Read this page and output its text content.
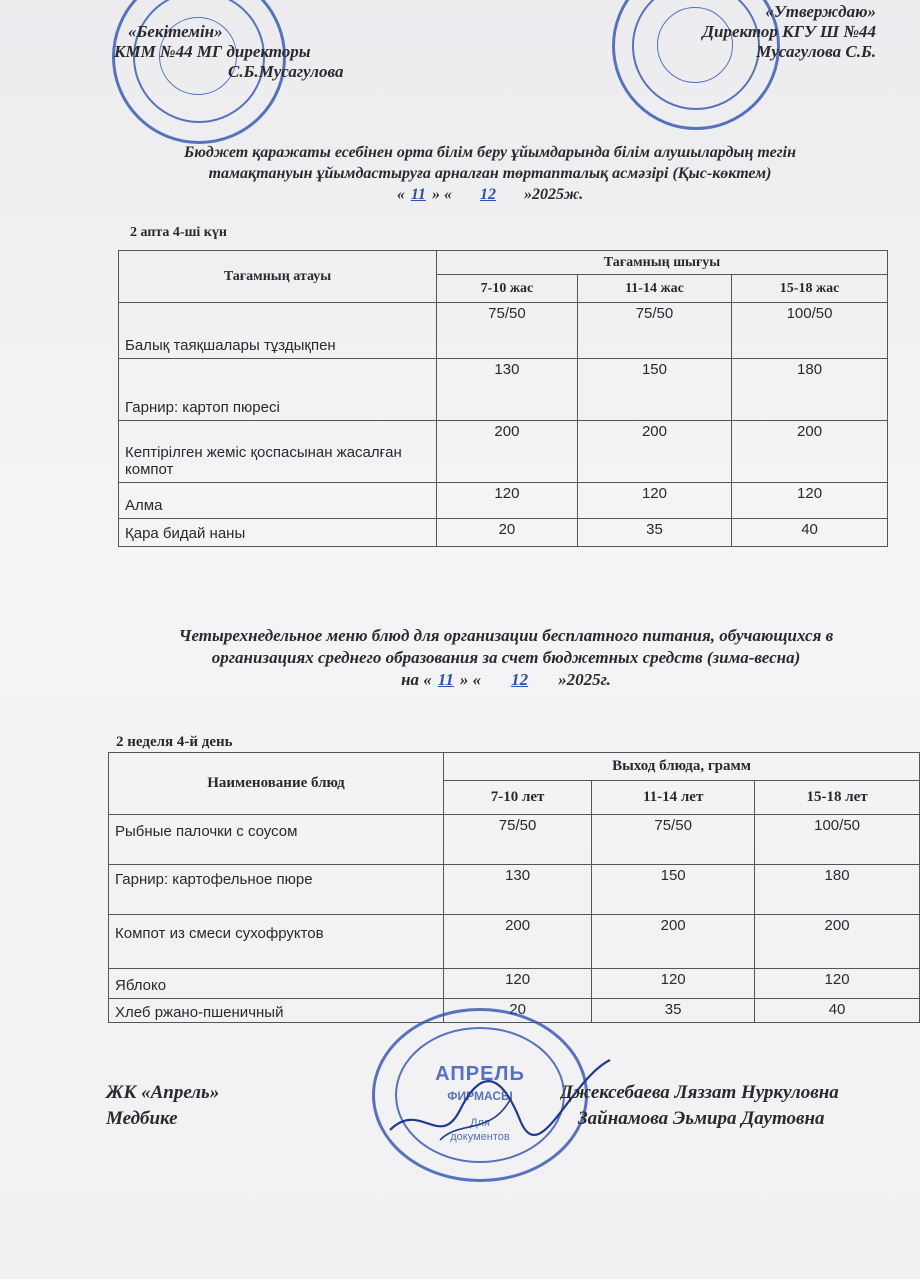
«Бекітемін»
КММ №44 МГ директоры
С.Б.Мусагулова
«Утверждаю»
Директор КГУ Ш №44
Мусагулова С.Б.
Бюджет қаражаты есебінен орта білім беру ұйымдарында білім алушылардың тегін
тамақтануын ұйымдастыруға арналған төртапталық асмәзірі (Қыс-көктем)
« 11 » « 12 »2025ж.
2 апта 4-ші күн
Тағамның атауы	Тағамның шығуы		
	7-10 жас	11-14 жас	15-18 жас
Балық таяқшалары тұздықпен	75/50	75/50	100/50
Гарнир: картоп пюресі	130	150	180
Кептірілген жеміс қоспасынан жасалған компот	200	200	200
Алма	120	120	120
Қара бидай наны	20	35	40
Четырехнедельное меню блюд для организации бесплатного питания, обучающихся в
организациях среднего образования за счет бюджетных средств (зима-весна)
на « 11 » « 12 »2025г.
2 неделя 4-й день
Наименование блюд	Выход блюда, грамм		
	7-10 лет	11-14 лет	15-18 лет
Рыбные палочки с соусом	75/50	75/50	100/50
Гарнир: картофельное пюре	130	150	180
Компот из смеси сухофруктов	200	200	200
Яблоко	120	120	120
Хлеб ржано-пшеничный	20	35	40
АПРЕЛЬ
ФИРМАСЫ
Для
документов
ЖК «Апрель»
Медбике
Джексебаева Ляззат Нуркуловна
Зайнамова Эьмира Даутовна
